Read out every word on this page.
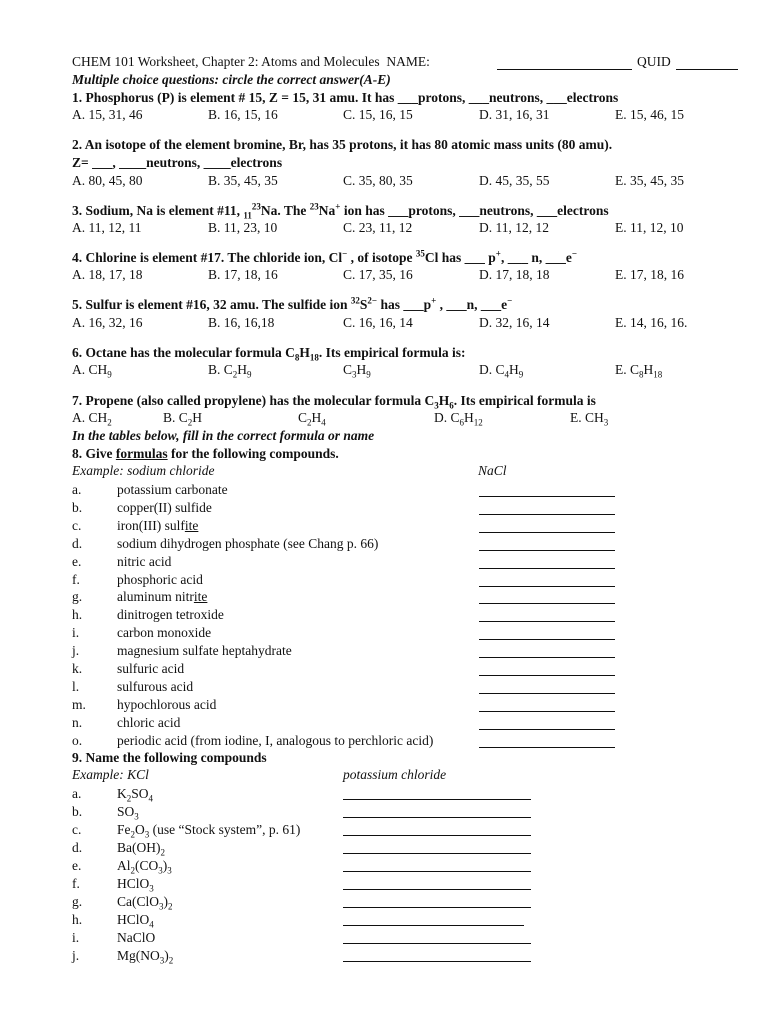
CHEM 101 Worksheet, Chapter 2: Atoms and Molecules NAME:	QUID
Multiple choice questions: circle the correct answer(A-E)
1. Phosphorus (P) is element # 15, Z = 15, 31 amu. It has ___protons, ___neutrons, ___electrons
A. 15, 31, 46	B. 16, 15, 16	C. 15, 16, 15	D. 31, 16, 31	E. 15, 46, 15
2. An isotope of the element bromine, Br, has 35 protons, it has 80 atomic mass units (80 amu).
Z= ___, ____neutrons, ____electrons
A. 80, 45, 80	B. 35, 45, 35	C. 35, 80, 35	D. 45, 35, 55	E. 35, 45, 35
3. Sodium, Na is element #11, $_{11}^{23}$Na. The $^{23}$Na+ ion has ___protons, ___neutrons, ___electrons
A. 11, 12, 11	B. 11, 23, 10	C. 23, 11, 12	D. 11, 12, 12	E. 11, 12, 10
4. Chlorine is element #17. The chloride ion, Cl− , of isotope $^{35}$Cl has ___ p+, ___ n, ___e−
A. 18, 17, 18	B. 17, 18, 16	C. 17, 35, 16	D. 17, 18, 18	E. 17, 18, 16
5. Sulfur is element #16, 32 amu. The sulfide ion $^{32}S^{2-}$ has ___p+ , ___n, ___e−
A. 16, 32, 16	B. 16, 16,18	C. 16, 16, 14	D. 32, 16, 14	E. 14, 16, 16.
6. Octane has the molecular formula $C_8H_{18}$. Its empirical formula is:
A. $CH_9$	B. $C_2H_9$	$C_3H_9$	D. $C_4H_9$	E. $C_8H_{18}$
7. Propene (also called propylene) has the molecular formula $C_3H_6$. Its empirical formula is
A. $CH_2$	B. $C_2H$	$C_2H_4$	D. $C_6H_{12}$	E. $CH_3$
In the tables below, fill in the correct formula or name
8. Give formulas for the following compounds.
Example: sodium chloride	NaCl
a.	potassium carbonate
b.	copper(II) sulfide
c.	iron(III) sulfite
d.	sodium dihydrogen phosphate (see Chang p. 66)
e.	nitric acid
f.	phosphoric acid
g.	aluminum nitrite
h.	dinitrogen tetroxide
i.	carbon monoxide
j.	magnesium sulfate heptahydrate
k.	sulfuric acid
l.	sulfurous acid
m. hypochlorous acid
n.	chloric acid
o.	periodic acid (from iodine, I, analogous to perchloric acid)
9. Name the following compounds
Example: KCl	potassium chloride
a.	$K_2SO_4$
b.	$SO_3$
c.	$Fe_2O_3$ (use “Stock system”, p. 61)
d.	$Ba(OH)_2$
e.	$Al_2(CO_3)_3$
f.	HClO$_3$
g.	$Ca(ClO_3)_2$
h.	HClO$_4$
i.	NaClO
j.	$Mg(NO_3)_2$
